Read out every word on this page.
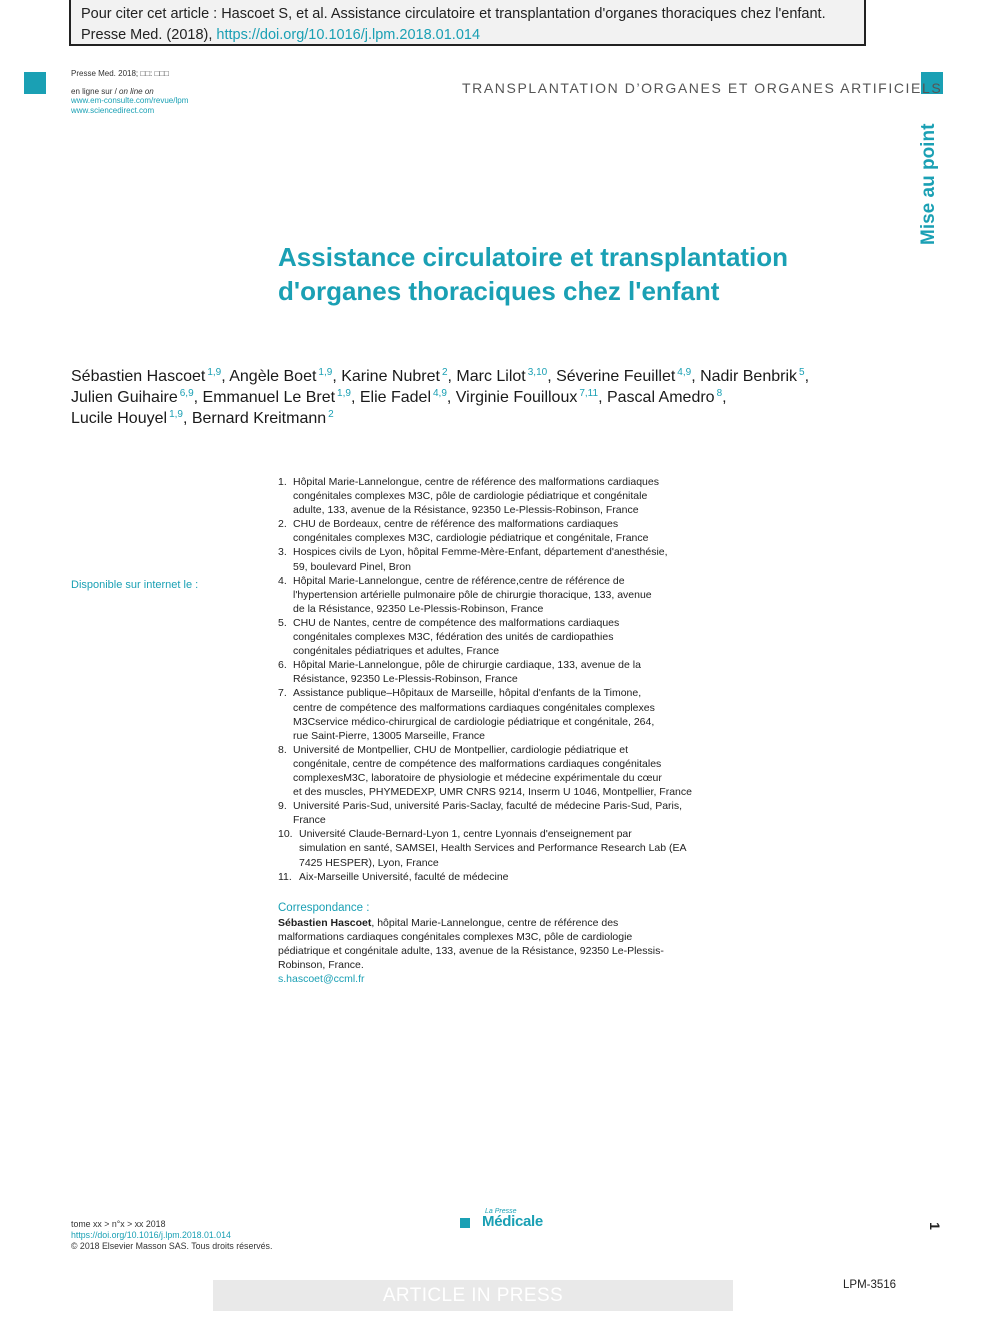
Pour citer cet article : Hascoet S, et al. Assistance circulatoire et transplantation d'organes thoraciques chez l'enfant. Presse Med. (2018), https://doi.org/10.1016/j.lpm.2018.01.014
Presse Med. 2018; □□: □□□
en ligne sur / on line on
www.em-consulte.com/revue/lpm
www.sciencedirect.com
TRANSPLANTATION D’ORGANES ET ORGANES ARTIFICIELS
Mise au point
Assistance circulatoire et transplantation
d'organes thoraciques chez l'enfant
Sébastien Hascoet $^{1,9}$, Angèle Boet $^{1,9}$, Karine Nubret $^2$, Marc Lilot $^{3,10}$, Séverine Feuillet $^{4,9}$, Nadir Benbrik $^5$,
Julien Guihaire $^{6,9}$, Emmanuel Le Bret $^{1,9}$, Elie Fadel $^{4,9}$, Virginie Fouilloux $^{7,11}$, Pascal Amedro $^8$,
Lucile Houyel $^{1,9}$, Bernard Kreitmann $^2$
Disponible sur internet le :
1. Hôpital Marie-Lannelongue, centre de référence des malformations cardiaques
congénitales complexes M3C, pôle de cardiologie pédiatrique et congénitale
adulte, 133, avenue de la Résistance, 92350 Le-Plessis-Robinson, France
2. CHU de Bordeaux, centre de référence des malformations cardiaques
congénitales complexes M3C, cardiologie pédiatrique et congénitale, France
3. Hospices civils de Lyon, hôpital Femme-Mère-Enfant, département d'anesthésie,
59, boulevard Pinel, Bron
4. Hôpital Marie-Lannelongue, centre de référence,centre de référence de
l'hypertension artérielle pulmonaire pôle de chirurgie thoracique, 133, avenue
de la Résistance, 92350 Le-Plessis-Robinson, France
5. CHU de Nantes, centre de compétence des malformations cardiaques
congénitales complexes M3C, fédération des unités de cardiopathies
congénitales pédiatriques et adultes, France
6. Hôpital Marie-Lannelongue, pôle de chirurgie cardiaque, 133, avenue de la
Résistance, 92350 Le-Plessis-Robinson, France
7. Assistance publique–Hôpitaux de Marseille, hôpital d'enfants de la Timone,
centre de compétence des malformations cardiaques congénitales complexes
M3Cservice médico-chirurgical de cardiologie pédiatrique et congénitale, 264,
rue Saint-Pierre, 13005 Marseille, France
8. Université de Montpellier, CHU de Montpellier, cardiologie pédiatrique et
congénitale, centre de compétence des malformations cardiaques congénitales
complexesM3C, laboratoire de physiologie et médecine expérimentale du cœur
et des muscles, PHYMEDEXP, UMR CNRS 9214, Inserm U 1046, Montpellier, France
9. Université Paris-Sud, université Paris-Saclay, faculté de médecine Paris-Sud, Paris,
France
10. Université Claude-Bernard-Lyon 1, centre Lyonnais d'enseignement par
simulation en santé, SAMSEI, Health Services and Performance Research Lab (EA
7425 HESPER), Lyon, France
11. Aix-Marseille Université, faculté de médecine
Correspondance :
Sébastien Hascoet, hôpital Marie-Lannelongue, centre de référence des
malformations cardiaques congénitales complexes M3C, pôle de cardiologie
pédiatrique et congénitale adulte, 133, avenue de la Résistance, 92350 Le-Plessis-
Robinson, France.
s.hascoet@ccml.fr
tome xx > n°x > xx 2018
https://doi.org/10.1016/j.lpm.2018.01.014
© 2018 Elsevier Masson SAS. Tous droits réservés.
La Presse
Médicale	1
ARTICLE IN PRESS	LPM-3516
